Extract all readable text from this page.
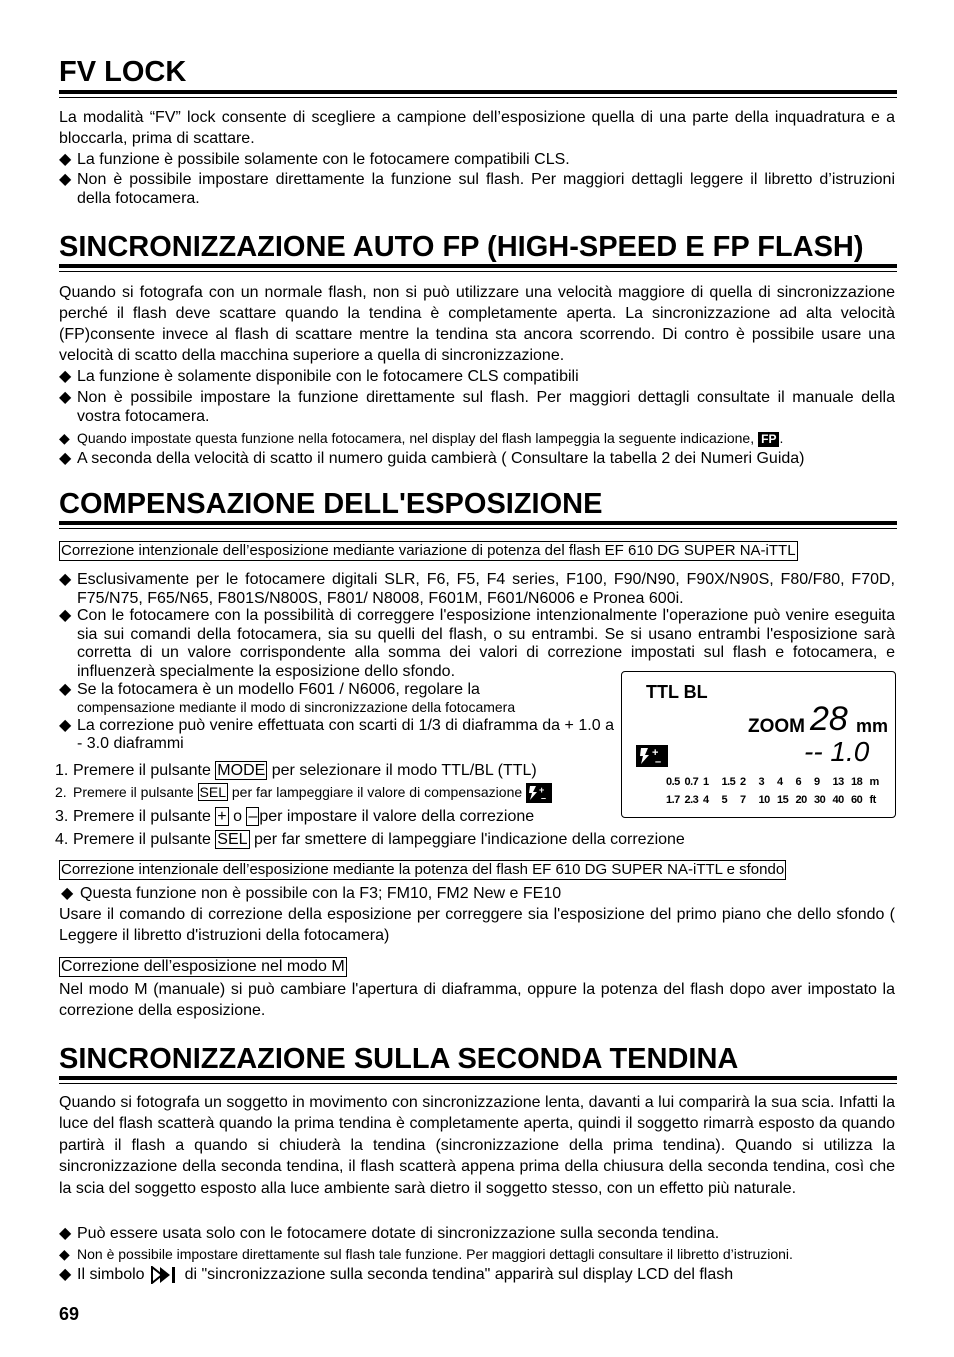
FV LOCK
La modalità “FV” lock consente di scegliere a campione dell’esposizione quella di una parte della inquadratura e a bloccarla, prima di scattare.
◆ La funzione è possibile solamente con le fotocamere compatibili CLS.
◆ Non è possibile impostare direttamente la funzione sul flash. Per maggiori dettagli leggere il libretto d’istruzioni della fotocamera.
SINCRONIZZAZIONE AUTO FP (HIGH-SPEED E FP FLASH)
Quando si fotografa con un normale flash, non si può utilizzare una velocità maggiore di quella di sincronizzazione perché il flash deve scattare quando la tendina è completamente aperta. La sincronizzazione ad alta velocità (FP)consente invece al flash di scattare mentre la tendina sta ancora scorrendo. Di contro è possibile usare una velocità di scatto della macchina superiore a quella di sincronizzazione.
◆ La funzione è solamente disponibile con le fotocamere CLS compatibili
◆ Non è possibile impostare la funzione direttamente sul flash. Per maggiori dettagli consultate il manuale della vostra fotocamera.
◆ Quando impostate questa funzione nella fotocamera, nel display del flash lampeggia la seguente indicazione, FP .
◆ A seconda della velocità di scatto il numero guida cambierà ( Consultare la tabella 2 dei Numeri Guida)
COMPENSAZIONE DELL'ESPOSIZIONE
Correzione intenzionale dell’esposizione mediante variazione di potenza del flash EF 610 DG SUPER NA-iTTL
◆ Esclusivamente per le fotocamere digitali SLR, F6, F5, F4 series, F100, F90/N90, F90X/N90S, F80/F80, F70D, F75/N75, F65/N65, F801S/N800S, F801/ N8008, F601M, F601/N6006 e Pronea 600i.
◆ Con le fotocamere con la possibilità di correggere l'esposizione intenzionalmente l'operazione può venire eseguita sia sui comandi della fotocamera, sia su quelli del flash, o su entrambi. Se si usano entrambi l'esposizione sarà corretta di un valore corrispondente alla somma dei valori di correzione impostati sul flash e fotocamera, e influenzerà specialmente la esposizione dello sfondo.
◆ Se la fotocamera è un modello F601 / N6006, regolare la
compensazione mediante il modo di sincronizzazione della fotocamera
◆ La correzione può venire effettuata con scarti di 1/3 di diaframma da + 1.0 a - 3.0 diaframmi
1. Premere il pulsante MODE per selezionare il modo TTL/BL (TTL)
2. Premere il pulsante SEL per far lampeggiare il valore di compensazione +
–
3. Premere il pulsante + o – per impostare il valore della correzione
4. Premere il pulsante SEL per far smettere di lampeggiare l'indicazione della correzione
TTL BL
ZOOM 28 mm
+
–	-- 1.0
0.5 0.7 1 1.5 2 3 4 6 9 13 18 m
1.7 2.3 4 5 7 10 15 20 30 40 60 ft
Correzione intenzionale dell’esposizione mediante la potenza del flash EF 610 DG SUPER NA-iTTL e sfondo
◆ Questa funzione non è possibile con la F3; FM10, FM2 New e FE10
Usare il comando di correzione della esposizione per correggere sia l'esposizione del primo piano che dello sfondo ( Leggere il libretto d'istruzioni della fotocamera)
Correzione dell’esposizione nel modo M
Nel modo M (manuale) si può cambiare l'apertura di diaframma, oppure la potenza del flash dopo aver impostato la correzione della esposizione.
SINCRONIZZAZIONE SULLA SECONDA TENDINA
Quando si fotografa un soggetto in movimento con sincronizzazione lenta, davanti a lui comparirà la sua scia. Infatti la luce del flash scatterà quando la prima tendina è completamente aperta, quindi il soggetto rimarrà esposto da quando partirà il flash a quando si chiuderà la tendina (sincronizzazione della prima tendina). Quando si utilizza la sincronizzazione della seconda tendina, il flash scatterà appena prima della chiusura della seconda tendina, così che la scia del soggetto esposto alla luce ambiente sarà dietro il soggetto stesso, con un effetto più naturale.
◆ Può essere usata solo con le fotocamere dotate di sincronizzazione sulla seconda tendina.
◆ Non è possibile impostare direttamente sul flash tale funzione. Per maggiori dettagli consultare il libretto d’istruzioni.
◆ Il simbolo	di "sincronizzazione sulla seconda tendina" apparirà sul display LCD del flash
69
